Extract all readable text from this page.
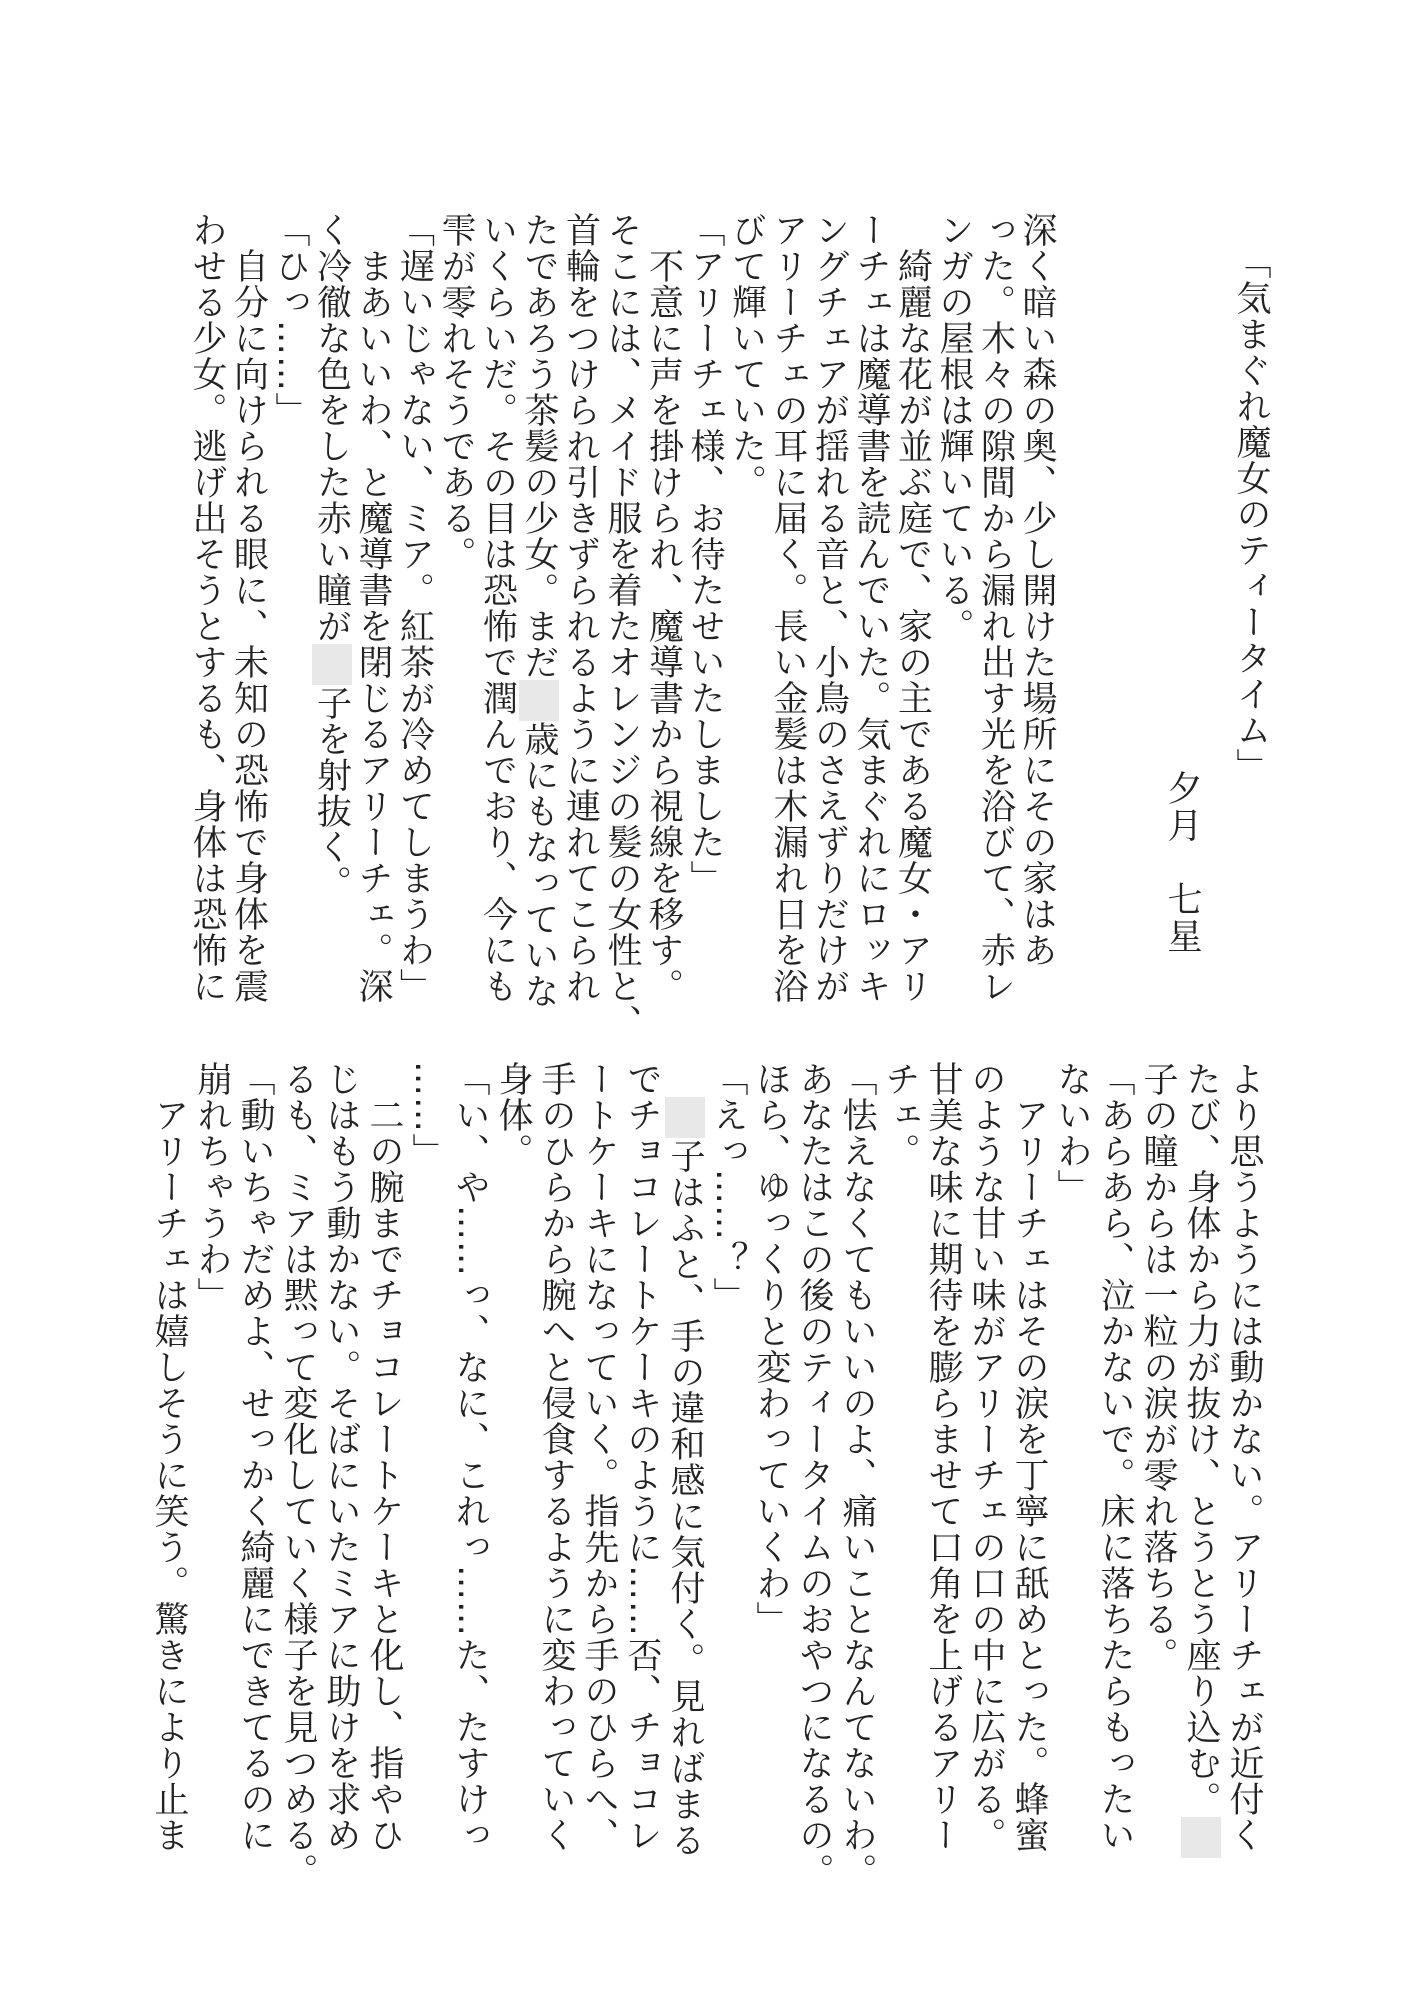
「気まぐれ魔女のティータイム」
夕月　七星
深く暗い森の奥、少し開けた場所にその家はあ
った。木々の隙間から漏れ出す光を浴びて、赤レ
ンガの屋根は輝いている。
　綺麗な花が並ぶ庭で、家の主である魔女・アリ
ーチェは魔導書を読んでいた。気まぐれにロッキ
ングチェアが揺れる音と、小鳥のさえずりだけが
アリーチェの耳に届く。長い金髪は木漏れ日を浴
びて輝いていた。
「アリーチェ様、お待たせいたしました」
　不意に声を掛けられ、魔導書から視線を移す。
そこには、メイド服を着たオレンジの髪の女性と、
首輪をつけられ引きずられるように連れてこられ
たであろう茶髪の少女。まだ■歳にもなっていな
いくらいだ。その目は恐怖で潤んでおり、今にも
雫が零れそうである。
「遅いじゃない、ミア。紅茶が冷めてしまうわ」
　まあいいわ、と魔導書を閉じるアリーチェ。深
く冷徹な色をした赤い瞳が■子を射抜く。
「ひっ……」
　自分に向けられる眼に、未知の恐怖で身体を震
わせる少女。逃げ出そうとするも、身体は恐怖に
より思うようには動かない。アリーチェが近付く
たび、身体から力が抜け、とうとう座り込む。■
子の瞳からは一粒の涙が零れ落ちる。
「あらあら、泣かないで。床に落ちたらもったい
ないわ」
　アリーチェはその涙を丁寧に舐めとった。蜂蜜
のような甘い味がアリーチェの口の中に広がる。
甘美な味に期待を膨らませて口角を上げるアリー
チェ。
「怯えなくてもいいのよ、痛いことなんてないわ。
あなたはこの後のティータイムのおやつになるの。
ほら、ゆっくりと変わっていくわ」
「えっ……？」
　■子はふと、手の違和感に気付く。見ればまる
でチョコレートケーキのように……否、チョコレ
ートケーキになっていく。指先から手のひらへ、
手のひらから腕へと侵食するように変わっていく
身体。
「い、や……っ、なに、これっ……た、たすけっ
……」
　二の腕までチョコレートケーキと化し、指やひ
じはもう動かない。そばにいたミアに助けを求め
るも、ミアは黙って変化していく様子を見つめる。
「動いちゃだめよ、せっかく綺麗にできてるのに
崩れちゃうわ」
　アリーチェは嬉しそうに笑う。驚きにより止ま
